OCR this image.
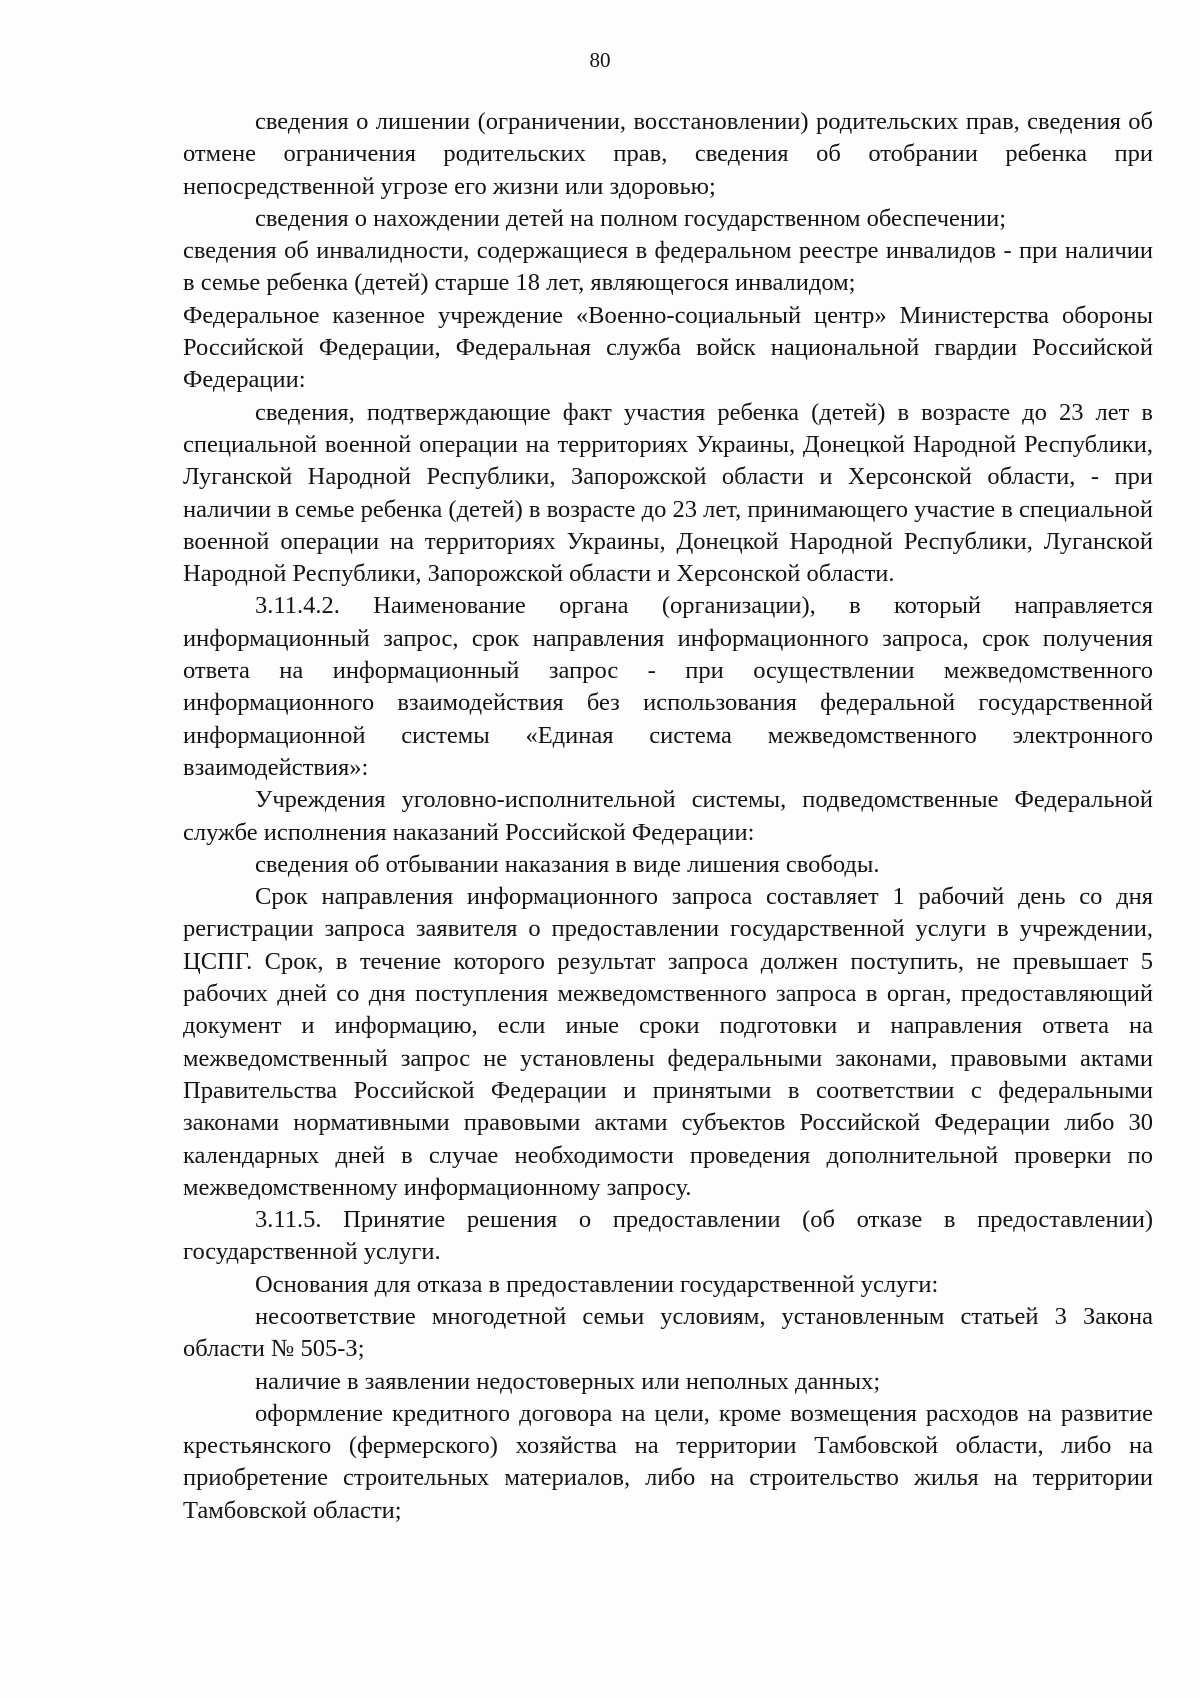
80

сведения о лишении (ограничении, восстановлении) родительских прав, сведения об отмене ограничения родительских прав, сведения об отобрании ребенка при непосредственной угрозе его жизни или здоровью;

сведения о нахождении детей на полном государственном обеспечении;

сведения об инвалидности, содержащиеся в федеральном реестре инвалидов - при наличии в семье ребенка (детей) старше 18 лет, являющегося инвалидом;

Федеральное казенное учреждение «Военно-социальный центр» Министерства обороны Российской Федерации, Федеральная служба войск национальной гвардии Российской Федерации:

сведения, подтверждающие факт участия ребенка (детей) в возрасте до 23 лет в специальной военной операции на территориях Украины, Донецкой Народной Республики, Луганской Народной Республики, Запорожской области и Херсонской области, - при наличии в семье ребенка (детей) в возрасте до 23 лет, принимающего участие в специальной военной операции на территориях Украины, Донецкой Народной Республики, Луганской Народной Республики, Запорожской области и Херсонской области.

3.11.4.2. Наименование органа (организации), в который направляется информационный запрос, срок направления информационного запроса, срок получения ответа на информационный запрос - при осуществлении межведомственного информационного взаимодействия без использования федеральной государственной информационной системы «Единая система межведомственного электронного взаимодействия»:

Учреждения уголовно-исполнительной системы, подведомственные Федеральной службе исполнения наказаний Российской Федерации:

сведения об отбывании наказания в виде лишения свободы.

Срок направления информационного запроса составляет 1 рабочий день со дня регистрации запроса заявителя о предоставлении государственной услуги в учреждении, ЦСПГ. Срок, в течение которого результат запроса должен поступить, не превышает 5 рабочих дней со дня поступления межведомственного запроса в орган, предоставляющий документ и информацию, если иные сроки подготовки и направления ответа на межведомственный запрос не установлены федеральными законами, правовыми актами Правительства Российской Федерации и принятыми в соответствии с федеральными законами нормативными правовыми актами субъектов Российской Федерации либо 30 календарных дней в случае необходимости проведения дополнительной проверки по межведомственному информационному запросу.

3.11.5. Принятие решения о предоставлении (об отказе в предоставлении) государственной услуги.

Основания для отказа в предоставлении государственной услуги:

несоответствие многодетной семьи условиям, установленным статьей 3 Закона области № 505-З;

наличие в заявлении недостоверных или неполных данных;

оформление кредитного договора на цели, кроме возмещения расходов на развитие крестьянского (фермерского) хозяйства на территории Тамбовской области, либо на приобретение строительных материалов, либо на строительство жилья на территории Тамбовской области;
